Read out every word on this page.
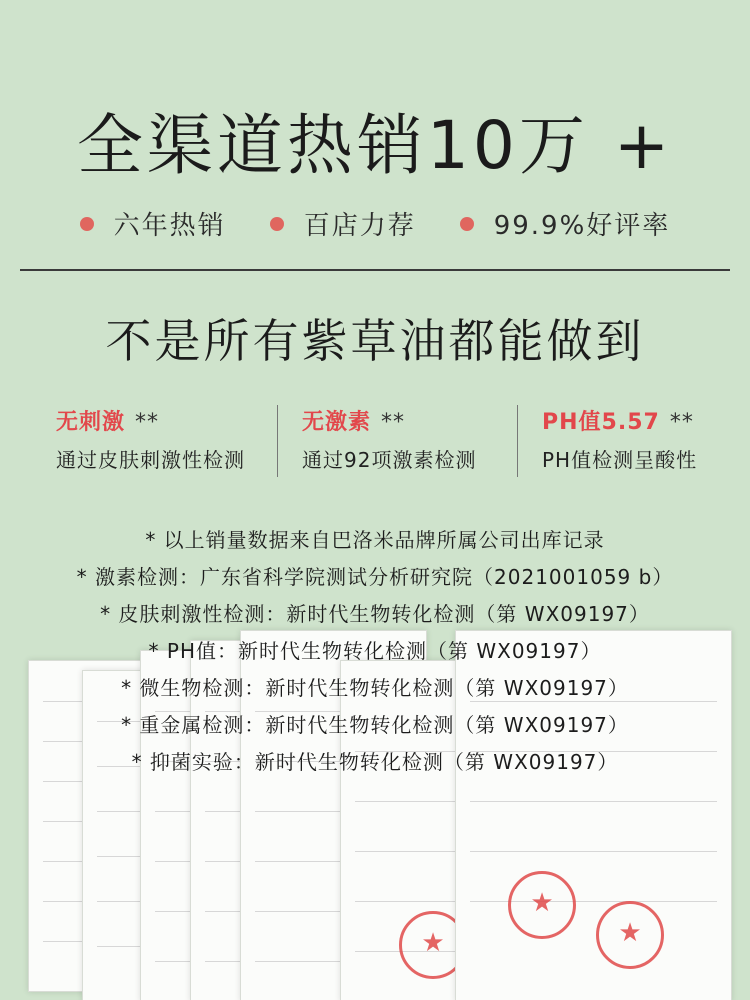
全渠道热销10万 +
六年热销	百店力荐	99.9%好评率
不是所有紫草油都能做到
无刺激 **
通过皮肤刺激性检测
无激素 **
通过92项激素检测
PH值5.57 **
PH值检测呈酸性
★
★
★
* 以上销量数据来自巴洛米品牌所属公司出库记录
* 激素检测：广东省科学院测试分析研究院（2021001059 b）
* 皮肤刺激性检测：新时代生物转化检测（第 WX09197）
* PH值：新时代生物转化检测（第 WX09197）
* 微生物检测：新时代生物转化检测（第 WX09197）
* 重金属检测：新时代生物转化检测（第 WX09197）
* 抑菌实验：新时代生物转化检测（第 WX09197）
